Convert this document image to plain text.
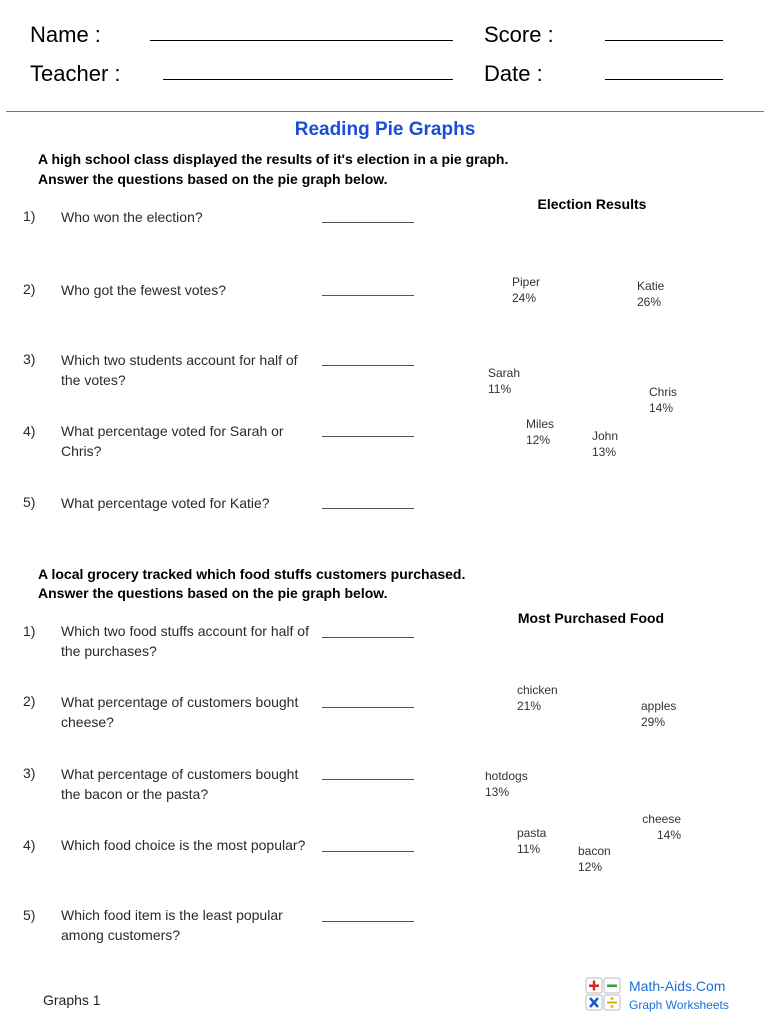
Name :
Teacher :
Score :
Date :
Reading Pie Graphs
A high school class displayed the results of it's election in a pie graph.
Answer the questions based on the pie graph below.
1) Who won the election?
2) Who got the fewest votes?
3) Which two students account for half of the votes?
4) What percentage voted for Sarah or Chris?
5) What percentage voted for Katie?
Election Results
Katie
26%
Chris
14%
John
13%
Miles
12%
Sarah
11%
Piper
24%
A local grocery tracked which food stuffs customers purchased.
Answer the questions based on the pie graph below.
1) Which two food stuffs account for half of the purchases?
2) What percentage of customers bought cheese?
3) What percentage of customers bought the bacon or the pasta?
4) Which food choice is the most popular?
5) Which food item is the least popular among customers?
Most Purchased Food
apples
29%
cheese
14%
bacon
12%
pasta
11%
hotdogs
13%
chicken
21%
Graphs 1
Math-Aids.Com
Graph Worksheets
